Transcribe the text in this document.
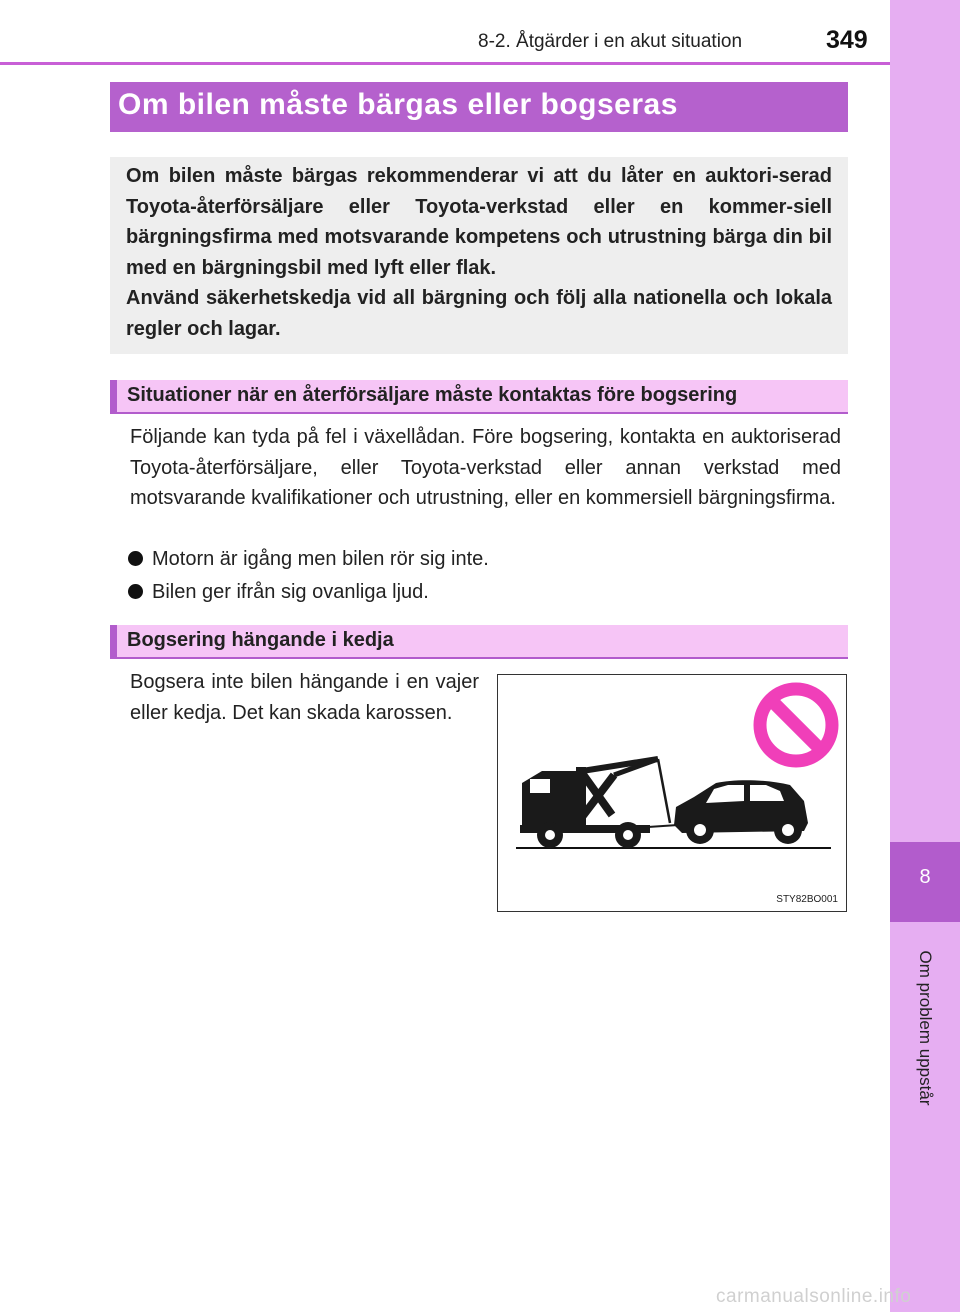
8-2. Åtgärder i en akut situation	349
8
Om problem uppstår
Om bilen måste bärgas eller bogseras

Om bilen måste bärgas rekommenderar vi att du låter en auktori-serad Toyota-återförsäljare eller Toyota-verkstad eller en kommer-siell bärgningsfirma med motsvarande kompetens och utrustning bärga din bil med en bärgningsbil med lyft eller flak.

Använd säkerhetskedja vid all bärgning och följ alla nationella och lokala regler och lagar.

Situationer när en återförsäljare måste kontaktas före bogsering

Följande kan tyda på fel i växellådan. Före bogsering, kontakta en auktoriserad Toyota-återförsäljare, eller Toyota-verkstad eller annan verkstad med motsvarande kvalifikationer och utrustning, eller en kommersiell bärgningsfirma.

Motorn är igång men bilen rör sig inte.
Bilen ger ifrån sig ovanliga ljud.
Bogsering hängande i kedja

Bogsera inte bilen hängande i en vajer eller kedja. Det kan skada karossen.

STY82BO001
carmanualsonline.info
